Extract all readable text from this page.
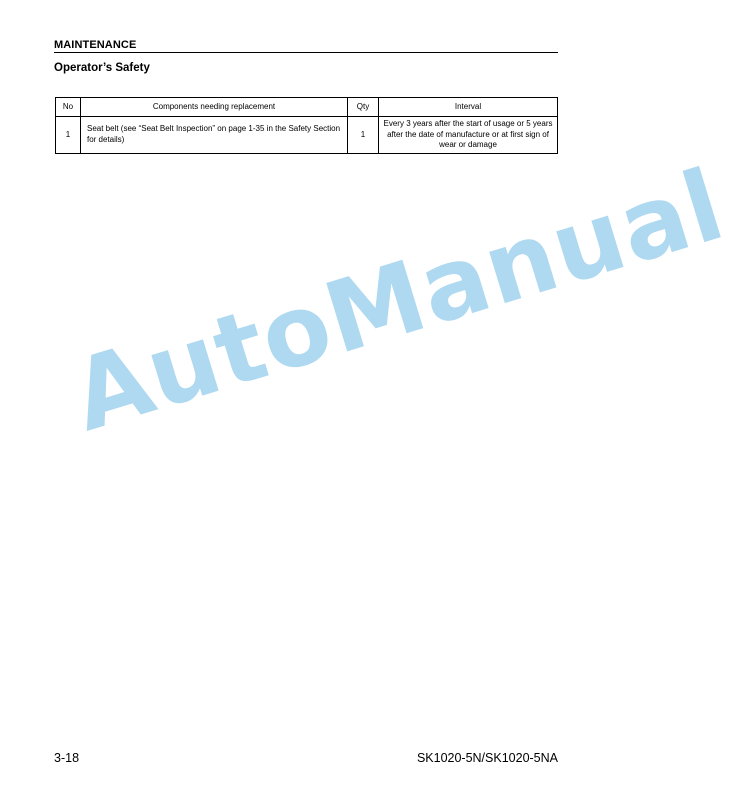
MAINTENANCE
Operator’s Safety
No	Components needing replacement	Qty	Interval
1	Seat belt (see “Seat Belt Inspection” on page 1-35 in the Safety Section for details)	1	Every 3 years after the start of usage or 5 years after the date of manufacture or at first sign of wear or damage
AutoManual
3-18	SK1020-5N/SK1020-5NA
